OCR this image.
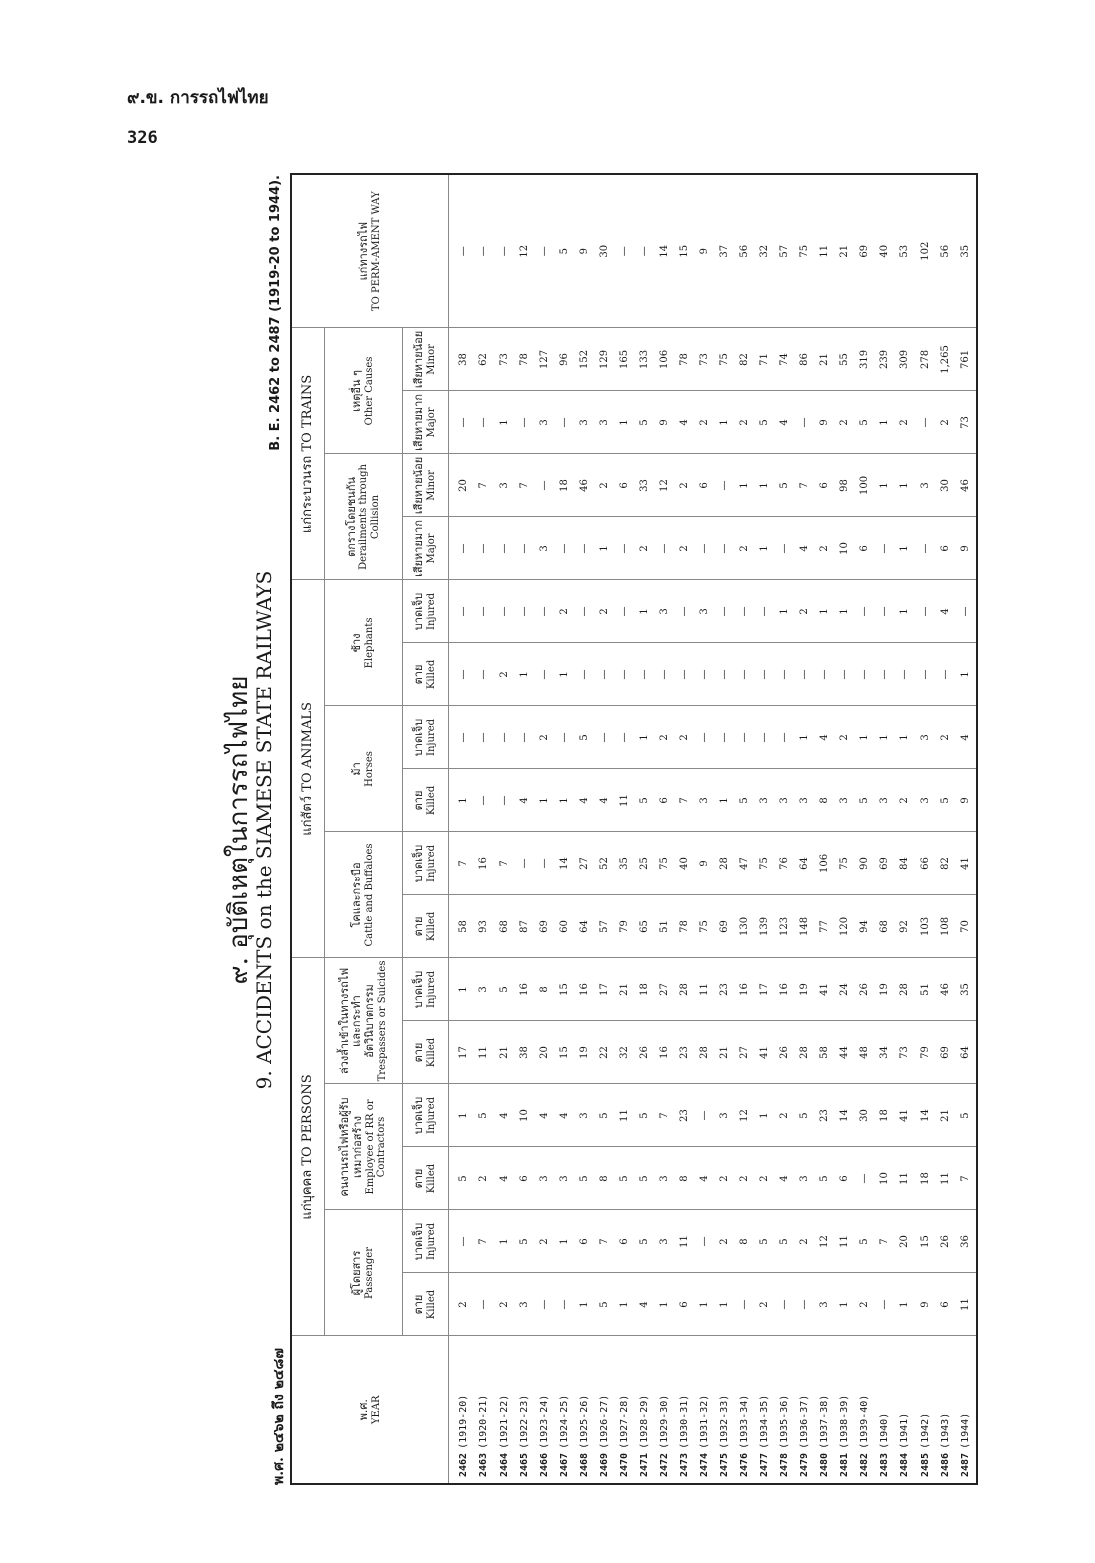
๙.ข. การรถไฟไทย
326
๙. อุบัติเหตุในการรถไฟไทย
9. ACCIDENTS on the SIAMESE STATE RAILWAYS
พ.ศ. ๒๔๖๒ ถึง ๒๔๘๗
B. E. 2462 to 2487 (1919-20 to 1944).
พ.ศ. YEAR	แก่บุคคล TO PERSONS						แก่สัตว์ TO ANIMALS						แก่กระบวนรถ TO TRAINS				แก่ทางรถไฟ TO PERM-AMENT WAY

	ผู้โดยสาร Passenger		คนงานรถไฟหรือผู้รับเหมาก่อสร้าง Employee of RR or Contractors		ล่วงล้ำเข้าในทางรถไฟและกระทำอัตวินิบาตกรรม Trespassers or Suicides		โคและกระบือ Cattle and Buffaloes		ม้า Horses		ช้าง Elephants		ตกรางโดยชนกัน Derailments through Collision		เหตุอื่น ๆ Other Causes		

	ตาย Killed	บาดเจ็บ Injured	ตาย Killed	บาดเจ็บ Injured	ตาย Killed	บาดเจ็บ Injured	ตาย Killed	บาดเจ็บ Injured	ตาย Killed	บาดเจ็บ Injured	ตาย Killed	บาดเจ็บ Injured	เสียหายมาก Major	เสียหายน้อย Minor	เสียหายมาก Major	เสียหายน้อย Minor	
2462(1919-20)	2	—	5	1	17	1	58	7	1	—	—	—	—	20	—	38	—
2463(1920-21)	—	7	2	5	11	3	93	16	—	—	—	—	—	7	—	62	—
2464(1921-22)	2	1	4	4	21	5	68	7	—	—	2	—	—	3	1	73	—
2465(1922-23)	3	5	6	10	38	16	87	—	4	—	1	—	—	7	—	78	12
2466(1923-24)	—	2	3	4	20	8	69	—	1	2	—	—	3	—	3	127	—
2467(1924-25)	—	1	3	4	15	15	60	14	1	—	1	2	—	18	—	96	5
2468(1925-26)	1	6	5	3	19	16	64	27	4	5	—	—	—	46	3	152	9
2469(1926-27)	5	7	8	5	22	17	57	52	4	—	—	2	1	2	3	129	30
2470(1927-28)	1	6	5	11	32	21	79	35	11	—	—	—	—	6	1	165	—
2471(1928-29)	4	5	5	5	26	18	65	25	5	1	—	1	2	33	5	133	—
2472(1929-30)	1	3	3	7	16	27	51	75	6	2	—	3	—	12	9	106	14
2473(1930-31)	6	11	8	23	23	28	78	40	7	2	—	—	2	2	4	78	15
2474(1931-32)	1	—	4	—	28	11	75	9	3	—	—	3	—	6	2	73	9
2475(1932-33)	1	2	2	3	21	23	69	28	1	—	—	—	—	—	1	75	37
2476(1933-34)	—	8	2	12	27	16	130	47	5	—	—	—	2	1	2	82	56
2477(1934-35)	2	5	2	1	41	17	139	75	3	—	—	—	1	1	5	71	32
2478(1935-36)	—	5	4	2	26	16	123	76	3	—	—	1	—	5	4	74	57
2479(1936-37)	—	2	3	5	28	19	148	64	3	1	—	2	4	7	—	86	75
2480(1937-38)	3	12	5	23	58	41	77	106	8	4	—	1	2	6	9	21	11
2481(1938-39)	1	11	6	14	44	24	120	75	3	2	—	1	10	98	2	55	21
2482(1939-40)	2	5	—	30	48	26	94	90	5	1	—	—	6	100	5	319	69
2483(1940)	—	7	10	18	34	19	68	69	3	1	—	—	—	1	1	239	40
2484(1941)	1	20	11	41	73	28	92	84	2	1	—	1	1	1	2	309	53
2485(1942)	9	15	18	14	79	51	103	66	3	3	—	—	—	3	—	278	102
2486(1943)	6	26	11	21	69	46	108	82	5	2	—	4	6	30	2	1,265	56
2487(1944)	11	36	7	5	64	35	70	41	9	4	1	—	9	46	73	761	35
